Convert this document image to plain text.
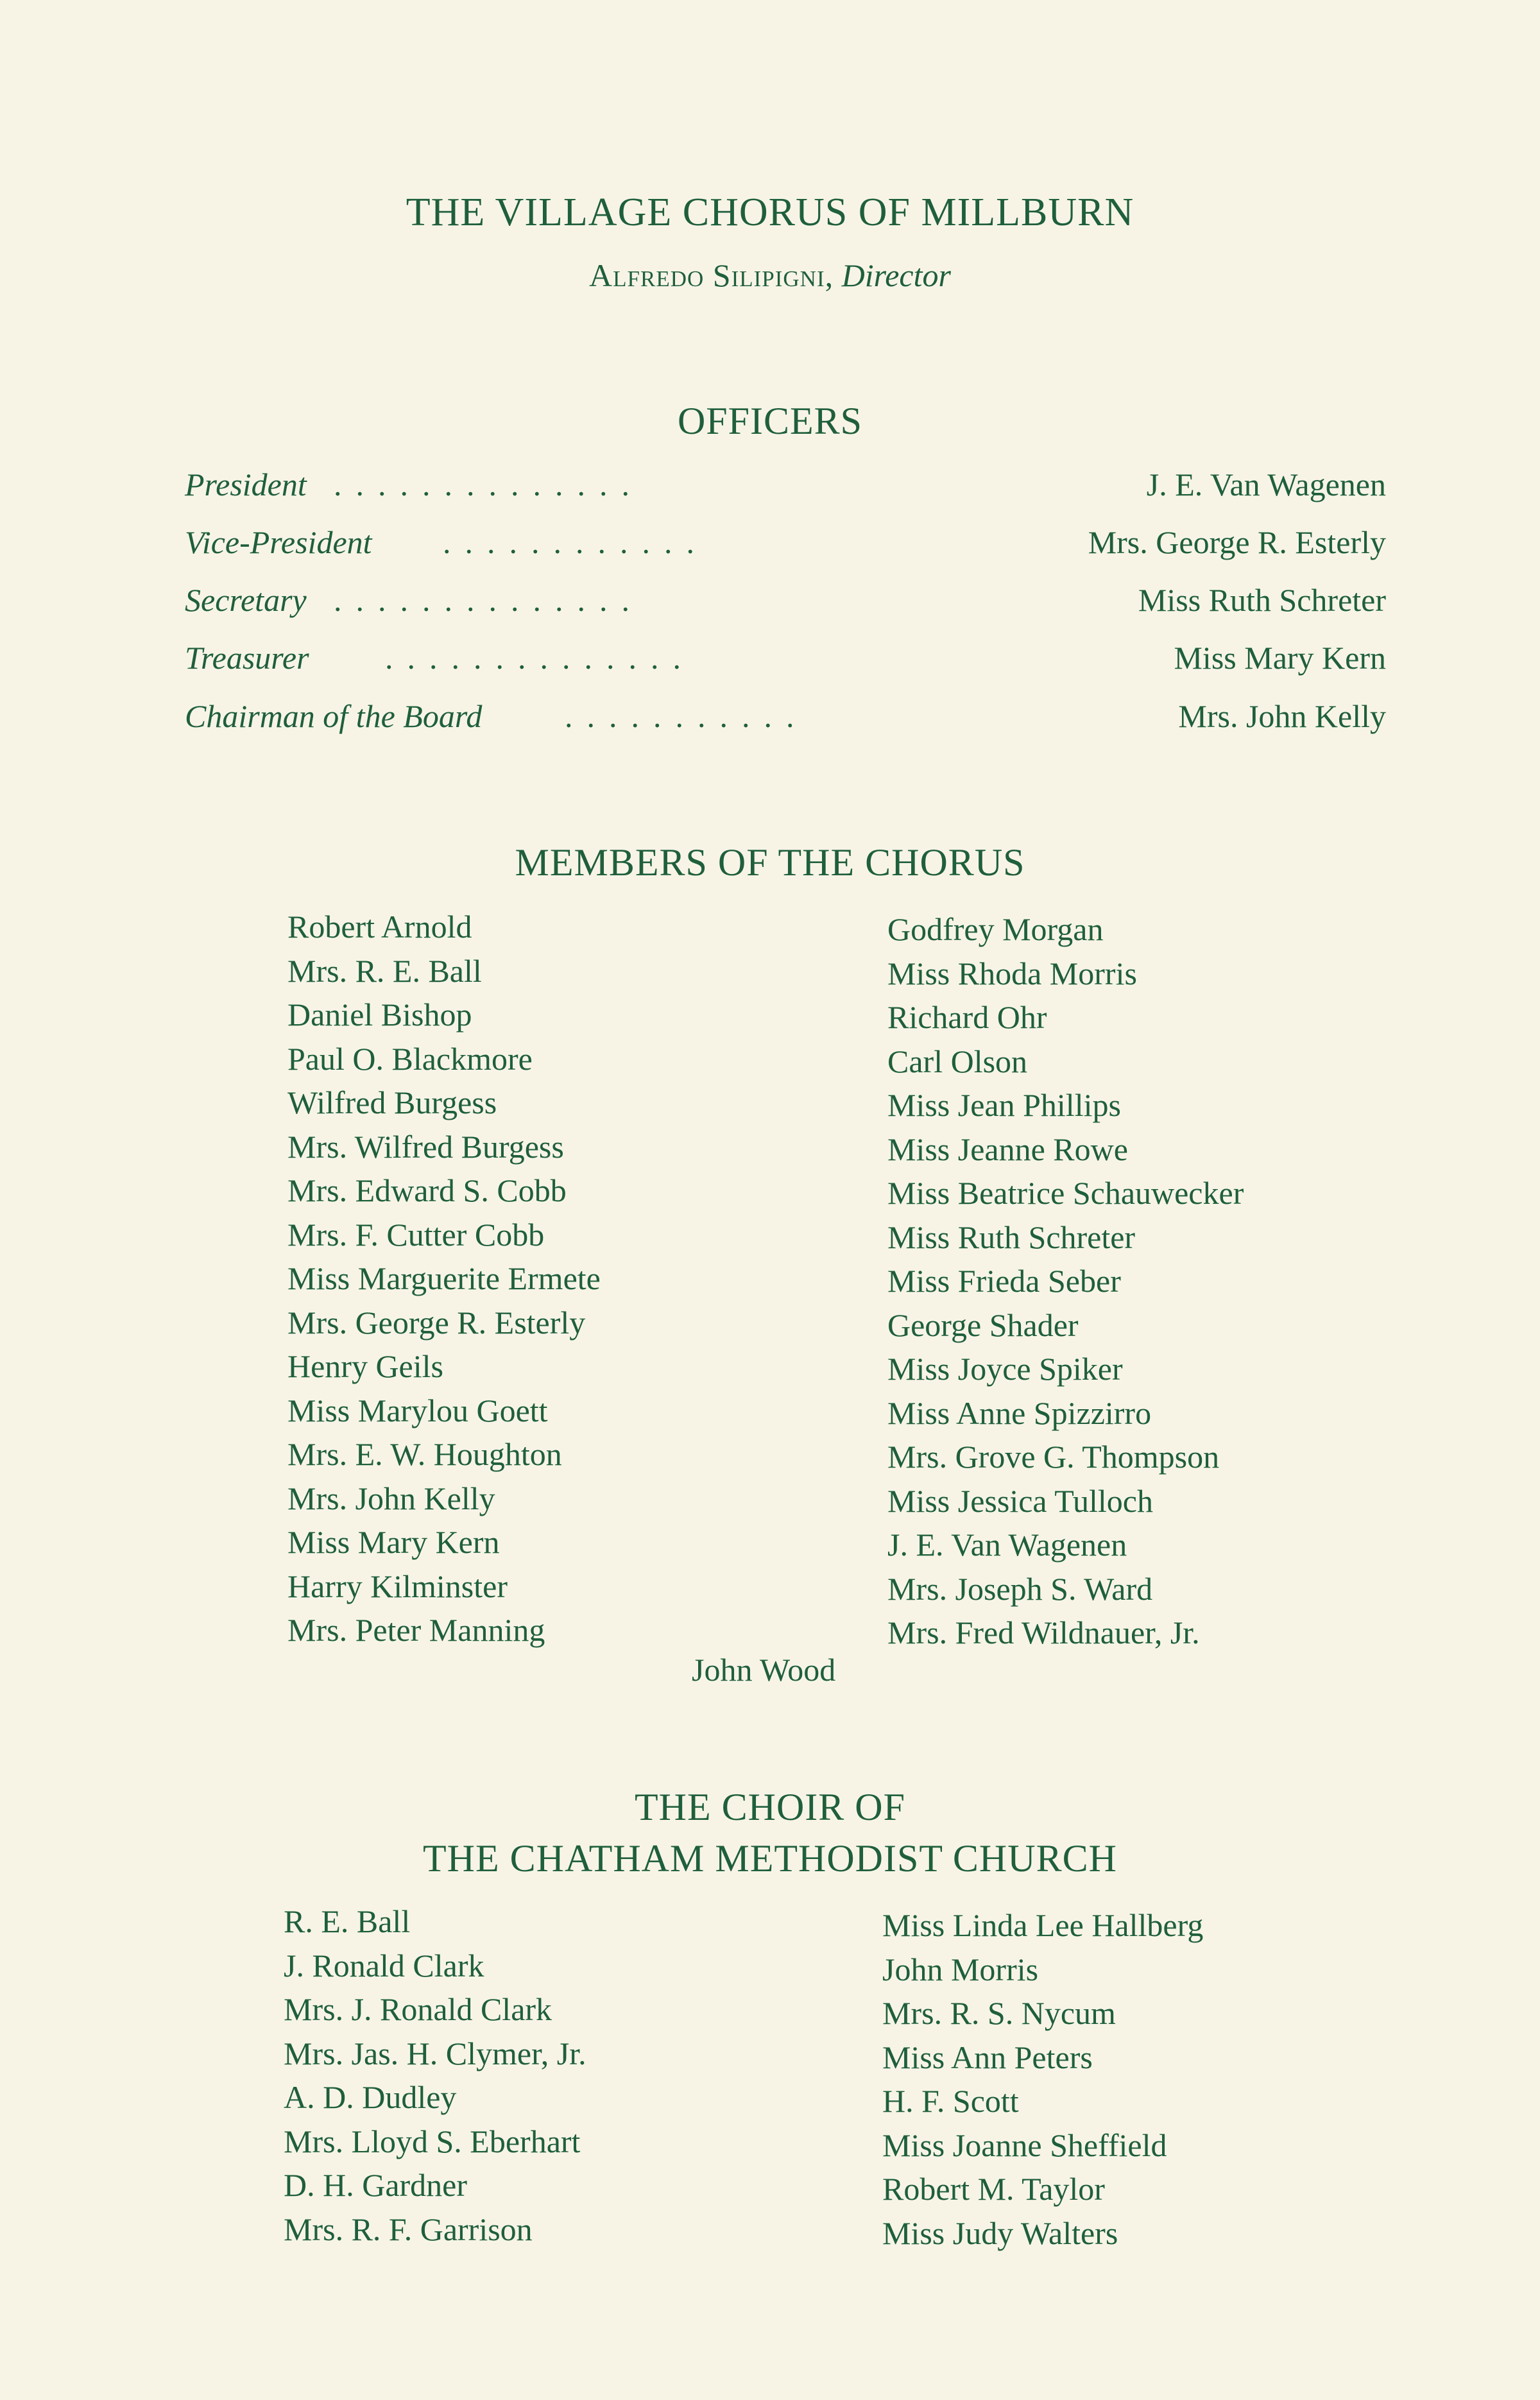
THE VILLAGE CHORUS OF MILLBURN
Alfredo Silipigni, Director
OFFICERS
President ..............	J. E. Van Wagenen
Vice-President ............	Mrs. George R. Esterly
Secretary ..............	Miss Ruth Schreter
Treasurer ..............	Miss Mary Kern
Chairman of the Board	...........	Mrs. John Kelly
MEMBERS OF THE CHORUS
Robert Arnold
Mrs. R. E. Ball
Daniel Bishop
Paul O. Blackmore
Wilfred Burgess
Mrs. Wilfred Burgess
Mrs. Edward S. Cobb
Mrs. F. Cutter Cobb
Miss Marguerite Ermete
Mrs. George R. Esterly
Henry Geils
Miss Marylou Goett
Mrs. E. W. Houghton
Mrs. John Kelly
Miss Mary Kern
Harry Kilminster
Mrs. Peter Manning
Godfrey Morgan
Miss Rhoda Morris
Richard Ohr
Carl Olson
Miss Jean Phillips
Miss Jeanne Rowe
Miss Beatrice Schauwecker
Miss Ruth Schreter
Miss Frieda Seber
George Shader
Miss Joyce Spiker
Miss Anne Spizzirro
Mrs. Grove G. Thompson
Miss Jessica Tulloch
J. E. Van Wagenen
Mrs. Joseph S. Ward
Mrs. Fred Wildnauer, Jr.
John Wood
THE CHOIR OF
THE CHATHAM METHODIST CHURCH
R. E. Ball
J. Ronald Clark
Mrs. J. Ronald Clark
Mrs. Jas. H. Clymer, Jr.
A. D. Dudley
Mrs. Lloyd S. Eberhart
D. H. Gardner
Mrs. R. F. Garrison
Miss Linda Lee Hallberg
John Morris
Mrs. R. S. Nycum
Miss Ann Peters
H. F. Scott
Miss Joanne Sheffield
Robert M. Taylor
Miss Judy Walters
